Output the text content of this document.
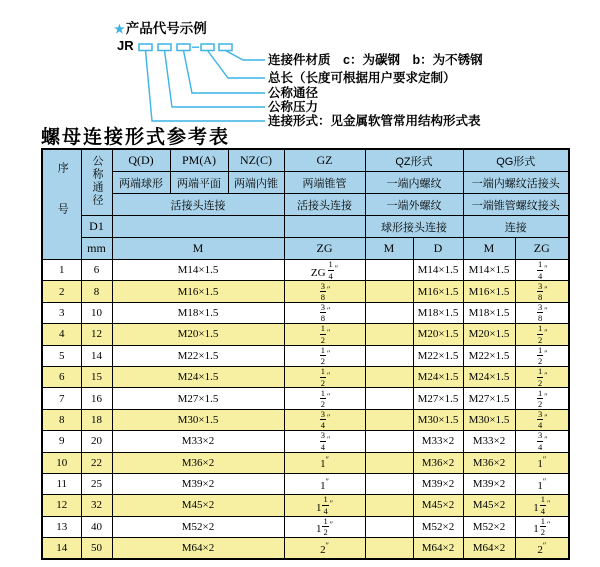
★产品代号示例
JR
连接件材质　c：为碳钢　b：为不锈钢
总长（长度可根据用户要求定制）
公称通径
公称压力
连接形式：见金属软管常用结构形式表
螺母连接形式参考表
序号	公称通径	Q(D)	PM(A)	NZ(C)	GZ	QZ形式		QG形式	
		两端球形	两端平面	两端内锥	两端锥管	一端内螺纹		一端内螺纹活接头	
		活接头连接			活接头连接	一端外螺纹		一端锥管螺纹接头	
	D1					球形接头连接		连接	
	mm	M			ZG	M	D	M	ZG
1	6	M14×1.5			ZG $\frac{1}{4} ''$		M14×1.5	M14×1.5	$\frac{1}{4} ''$
2	8	M16×1.5			$\frac{3}{8} ''$		M16×1.5	M16×1.5	$\frac{3}{8} ''$
3	10	M18×1.5			$\frac{3}{8} ''$		M18×1.5	M18×1.5	$\frac{3}{8} ''$
4	12	M20×1.5			$\frac{1}{2} ''$		M20×1.5	M20×1.5	$\frac{1}{2} ''$
5	14	M22×1.5			$\frac{1}{2} ''$		M22×1.5	M22×1.5	$\frac{1}{2} ''$
6	15	M24×1.5			$\frac{1}{2} ''$		M24×1.5	M24×1.5	$\frac{1}{2} ''$
7	16	M27×1.5			$\frac{1}{2} ''$		M27×1.5	M27×1.5	$\frac{1}{2} ''$
8	18	M30×1.5			$\frac{3}{4} ''$		M30×1.5	M30×1.5	$\frac{3}{4} ''$
9	20	M33×2			$\frac{3}{4} ''$		M33×2	M33×2	$\frac{3}{4} ''$
10	22	M36×2			1″		M36×2	M36×2	1″
11	25	M39×2			1″		M39×2	M39×2	1″
12	32	M45×2			$1 \frac{1}{4} ''$		M45×2	M45×2	$1 \frac{1}{4} ''$
13	40	M52×2			$1 \frac{1}{2} ''$		M52×2	M52×2	$1 \frac{1}{2} ''$
14	50	M64×2			2″		M64×2	M64×2	2″
